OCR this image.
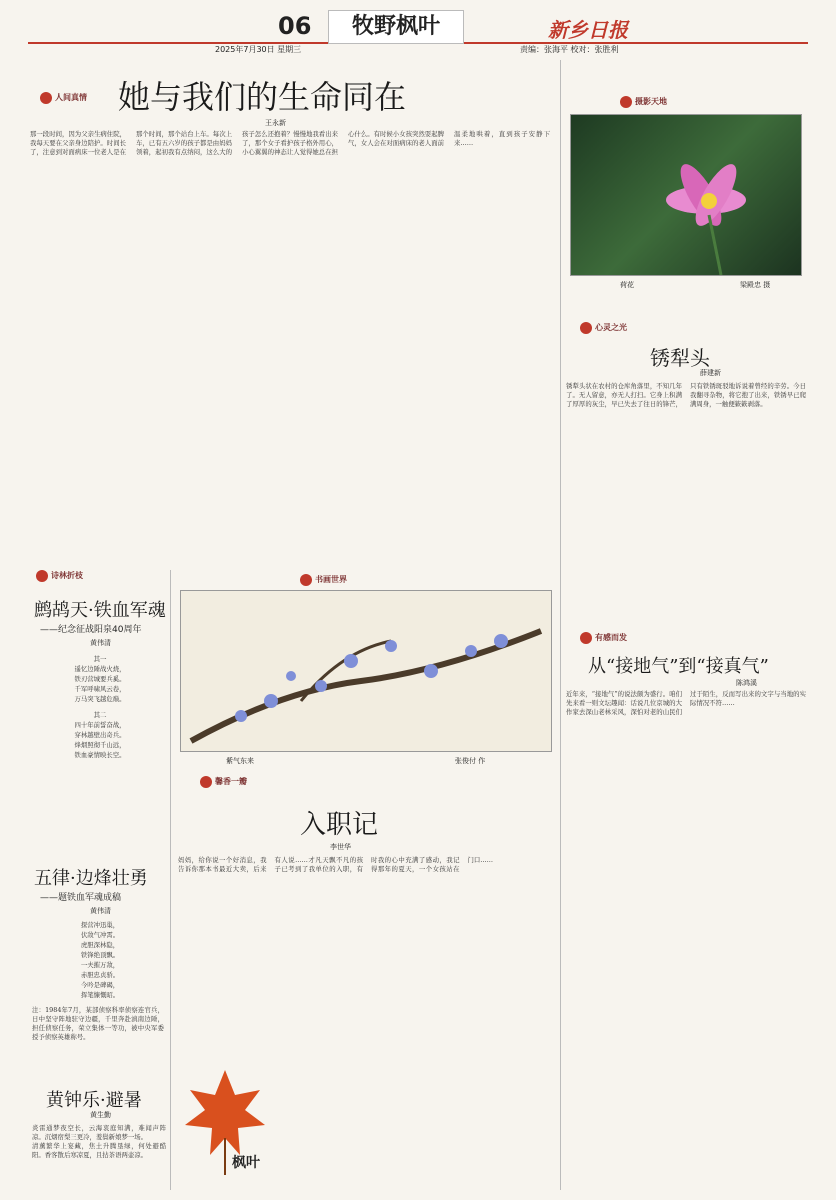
06	牧野枫叶	新乡日报
2025年7月30日 星期三	责编：张海平 校对：张胜利
人间真情 她与我们的生命同在
王永新
那一段时间，因为父亲生病住院，我每天要在父亲身边陪护。时间长了，注意到对面病床一位老人是在那个时间，那个站台上车。每次上车，已有五六岁的孩子都是由妈妈领着，起初我有点纳闷，这么大的孩子怎么还抱着？慢慢地我看出来了，那个女子看护孩子格外用心，小心翼翼的神态让人觉得她总在担心什么。有时候小女孩突然耍起脾气，女人会在对面病床的老人面前温柔地哄着，直到孩子安静下来……
摄影天地
荷花	梁殿忠 摄
心灵之光
锈犁头
薛建新
锈犁头状在农村的仓库角落里，不知几年了。无人留意，亦无人打扫。它身上积满了厚厚的灰尘，早已失去了往日的锋芒，只有铁锈斑驳地诉说着曾经的辛劳。今日我翻寻杂物，将它抱了出来，铁锈早已爬满周身，一触便簌簌剥落。
诗林折枝
鹧鸪天·铁血军魂
——纪念征战阳泉40周年
黄伟清
其一
遥忆边陲战火烧，
铁刃营城要兵奚。
千军呼啸风云卷，
万马突飞越危巅。
其二
四十年前誓奋战，
穿林越壁出奇兵。
烽烟照彻千山远，
铁血豪情映长空。
五律·边烽壮勇
——题铁血军魂成稿
黄伟清
探营冲迅巢，
伏敌气冲霄。
虎胆深林隐，
铁锋绝顶飘。
一夫摧万敌，
赤胆忠贞骄。
今吟是碑碣，
挥笔慷慨昭。
注：1984年7月，某部侦察科率侦察连官兵，日中坚守阵地驻守边疆，千里奔赴滇南边陲，担任侦察任务，荣立集体一等功，被中央军委授予侦察英雄称号。
黄钟乐·避暑
黄生勤
炎雷通梦夜空长，云海衷庭知满，难闻声阵凉。沉烟宿梨三更冷，羞鬓新娘梦一场。
清薰繁华上宴藏，焦土升腾垦绿，何处避酷阳。香客散后寒凉夏，且拈茶语两壶凉。
书画世界
紫气东来	张俊付 作
有感而发
从“接地气”到“接真气”
陈鸿溪
近年来，“接地气”的说法颇为盛行。咱们先来看一则文坛趣闻：话说几位京城的大作家去深山老林采风，深怕对老的山民们过于陌生，反而写出来的文字与当地的实际情况不符……
馨香一瓣
入职记
李世华
妈妈，给你说一个好消息，我告诉你那本书最近大卖，后来有人说……才凡天飘不凡的孩子已考到了我单位的入职，有时我的心中充满了感动，我记得那年的夏天，一个女孩站在门口……
枫叶
